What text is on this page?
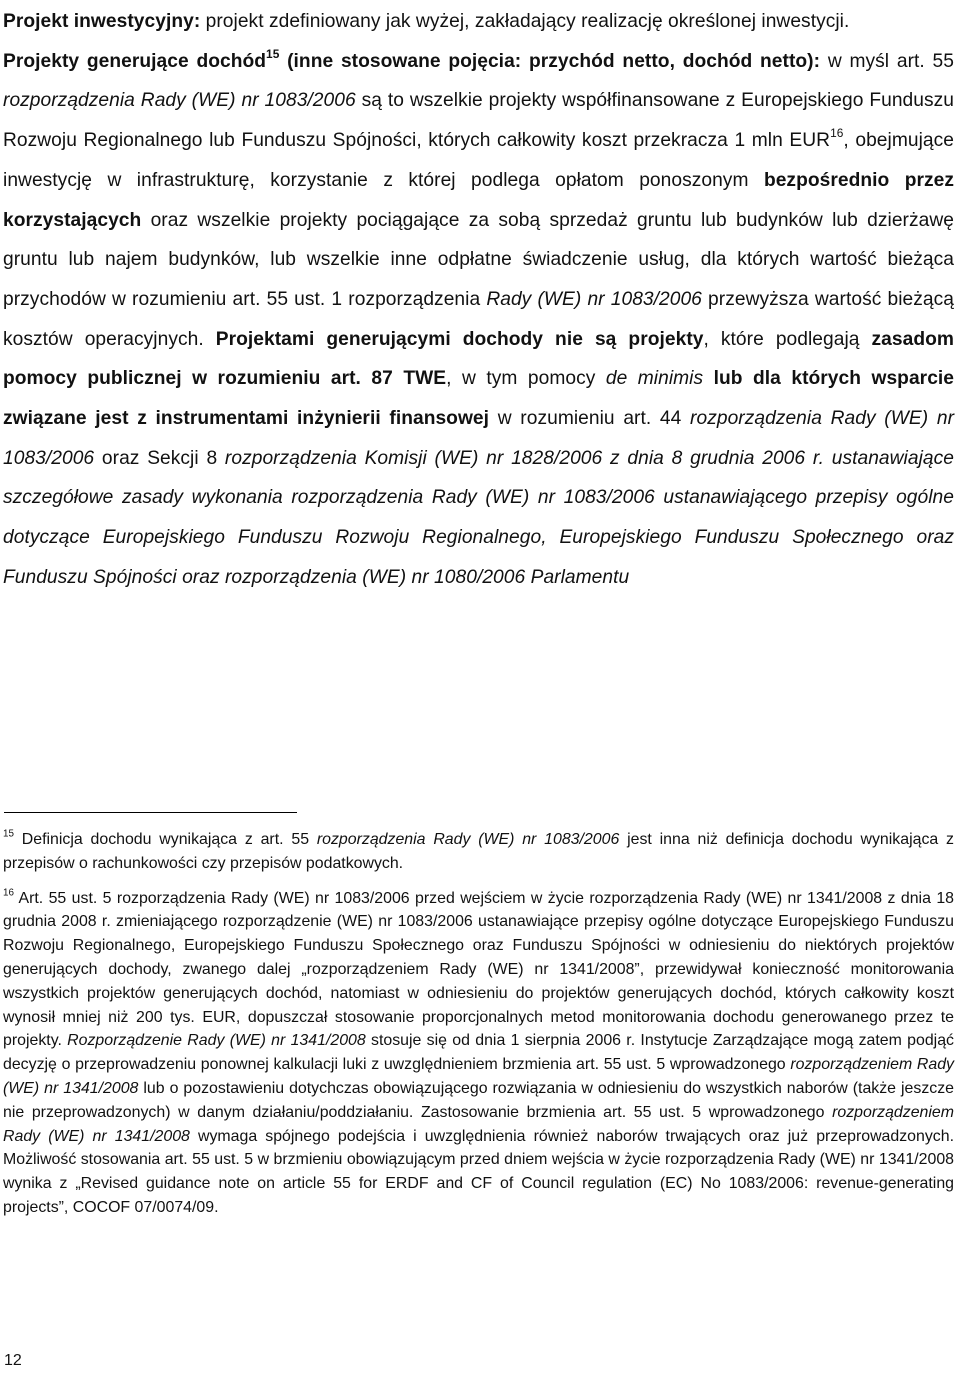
Projekt inwestycyjny: projekt zdefiniowany jak wyżej, zakładający realizację określonej inwestycji.

Projekty generujące dochód$^{15}$ (inne stosowane pojęcia: przychód netto, dochód netto): w myśl art. 55 rozporządzenia Rady (WE) nr 1083/2006 są to wszelkie projekty współfinansowane z Europejskiego Funduszu Rozwoju Regionalnego lub Funduszu Spójności, których całkowity koszt przekracza 1 mln EUR$^{16}$, obejmujące inwestycję w infrastrukturę, korzystanie z której podlega opłatom ponoszonym bezpośrednio przez korzystających oraz wszelkie projekty pociągające za sobą sprzedaż gruntu lub budynków lub dzierżawę gruntu lub najem budynków, lub wszelkie inne odpłatne świadczenie usług, dla których wartość bieżąca przychodów w rozumieniu art. 55 ust. 1 rozporządzenia Rady (WE) nr 1083/2006 przewyższa wartość bieżącą kosztów operacyjnych. Projektami generującymi dochody nie są projekty, które podlegają zasadom pomocy publicznej w rozumieniu art. 87 TWE, w tym pomocy de minimis lub dla których wsparcie związane jest z instrumentami inżynierii finansowej w rozumieniu art. 44 rozporządzenia Rady (WE) nr 1083/2006 oraz Sekcji 8 rozporządzenia Komisji (WE) nr 1828/2006 z dnia 8 grudnia 2006 r. ustanawiające szczegółowe zasady wykonania rozporządzenia Rady (WE) nr 1083/2006 ustanawiającego przepisy ogólne dotyczące Europejskiego Funduszu Rozwoju Regionalnego, Europejskiego Funduszu Społecznego oraz Funduszu Spójności oraz rozporządzenia (WE) nr 1080/2006 Parlamentu

$^{15}$ Definicja dochodu wynikająca z art. 55 rozporządzenia Rady (WE) nr 1083/2006 jest inna niż definicja dochodu wynikająca z przepisów o rachunkowości czy przepisów podatkowych.

$^{16}$ Art. 55 ust. 5 rozporządzenia Rady (WE) nr 1083/2006 przed wejściem w życie rozporządzenia Rady (WE) nr 1341/2008 z dnia 18 grudnia 2008 r. zmieniającego rozporządzenie (WE) nr 1083/2006 ustanawiające przepisy ogólne dotyczące Europejskiego Funduszu Rozwoju Regionalnego, Europejskiego Funduszu Społecznego oraz Funduszu Spójności w odniesieniu do niektórych projektów generujących dochody, zwanego dalej „rozporządzeniem Rady (WE) nr 1341/2008”, przewidywał konieczność monitorowania wszystkich projektów generujących dochód, natomiast w odniesieniu do projektów generujących dochód, których całkowity koszt wynosił mniej niż 200 tys. EUR, dopuszczał stosowanie proporcjonalnych metod monitorowania dochodu generowanego przez te projekty. Rozporządzenie Rady (WE) nr 1341/2008 stosuje się od dnia 1 sierpnia 2006 r. Instytucje Zarządzające mogą zatem podjąć decyzję o przeprowadzeniu ponownej kalkulacji luki z uwzględnieniem brzmienia art. 55 ust. 5 wprowadzonego rozporządzeniem Rady (WE) nr 1341/2008 lub o pozostawieniu dotychczas obowiązującego rozwiązania w odniesieniu do wszystkich naborów (także jeszcze nie przeprowadzonych) w danym działaniu/poddziałaniu. Zastosowanie brzmienia art. 55 ust. 5 wprowadzonego rozporządzeniem Rady (WE) nr 1341/2008 wymaga spójnego podejścia i uwzględnienia również naborów trwających oraz już przeprowadzonych. Możliwość stosowania art. 55 ust. 5 w brzmieniu obowiązującym przed dniem wejścia w życie rozporządzenia Rady (WE) nr 1341/2008 wynika z „Revised guidance note on article 55 for ERDF and CF of Council regulation (EC) No 1083/2006: revenue-generating projects”, COCOF 07/0074/09.

12
